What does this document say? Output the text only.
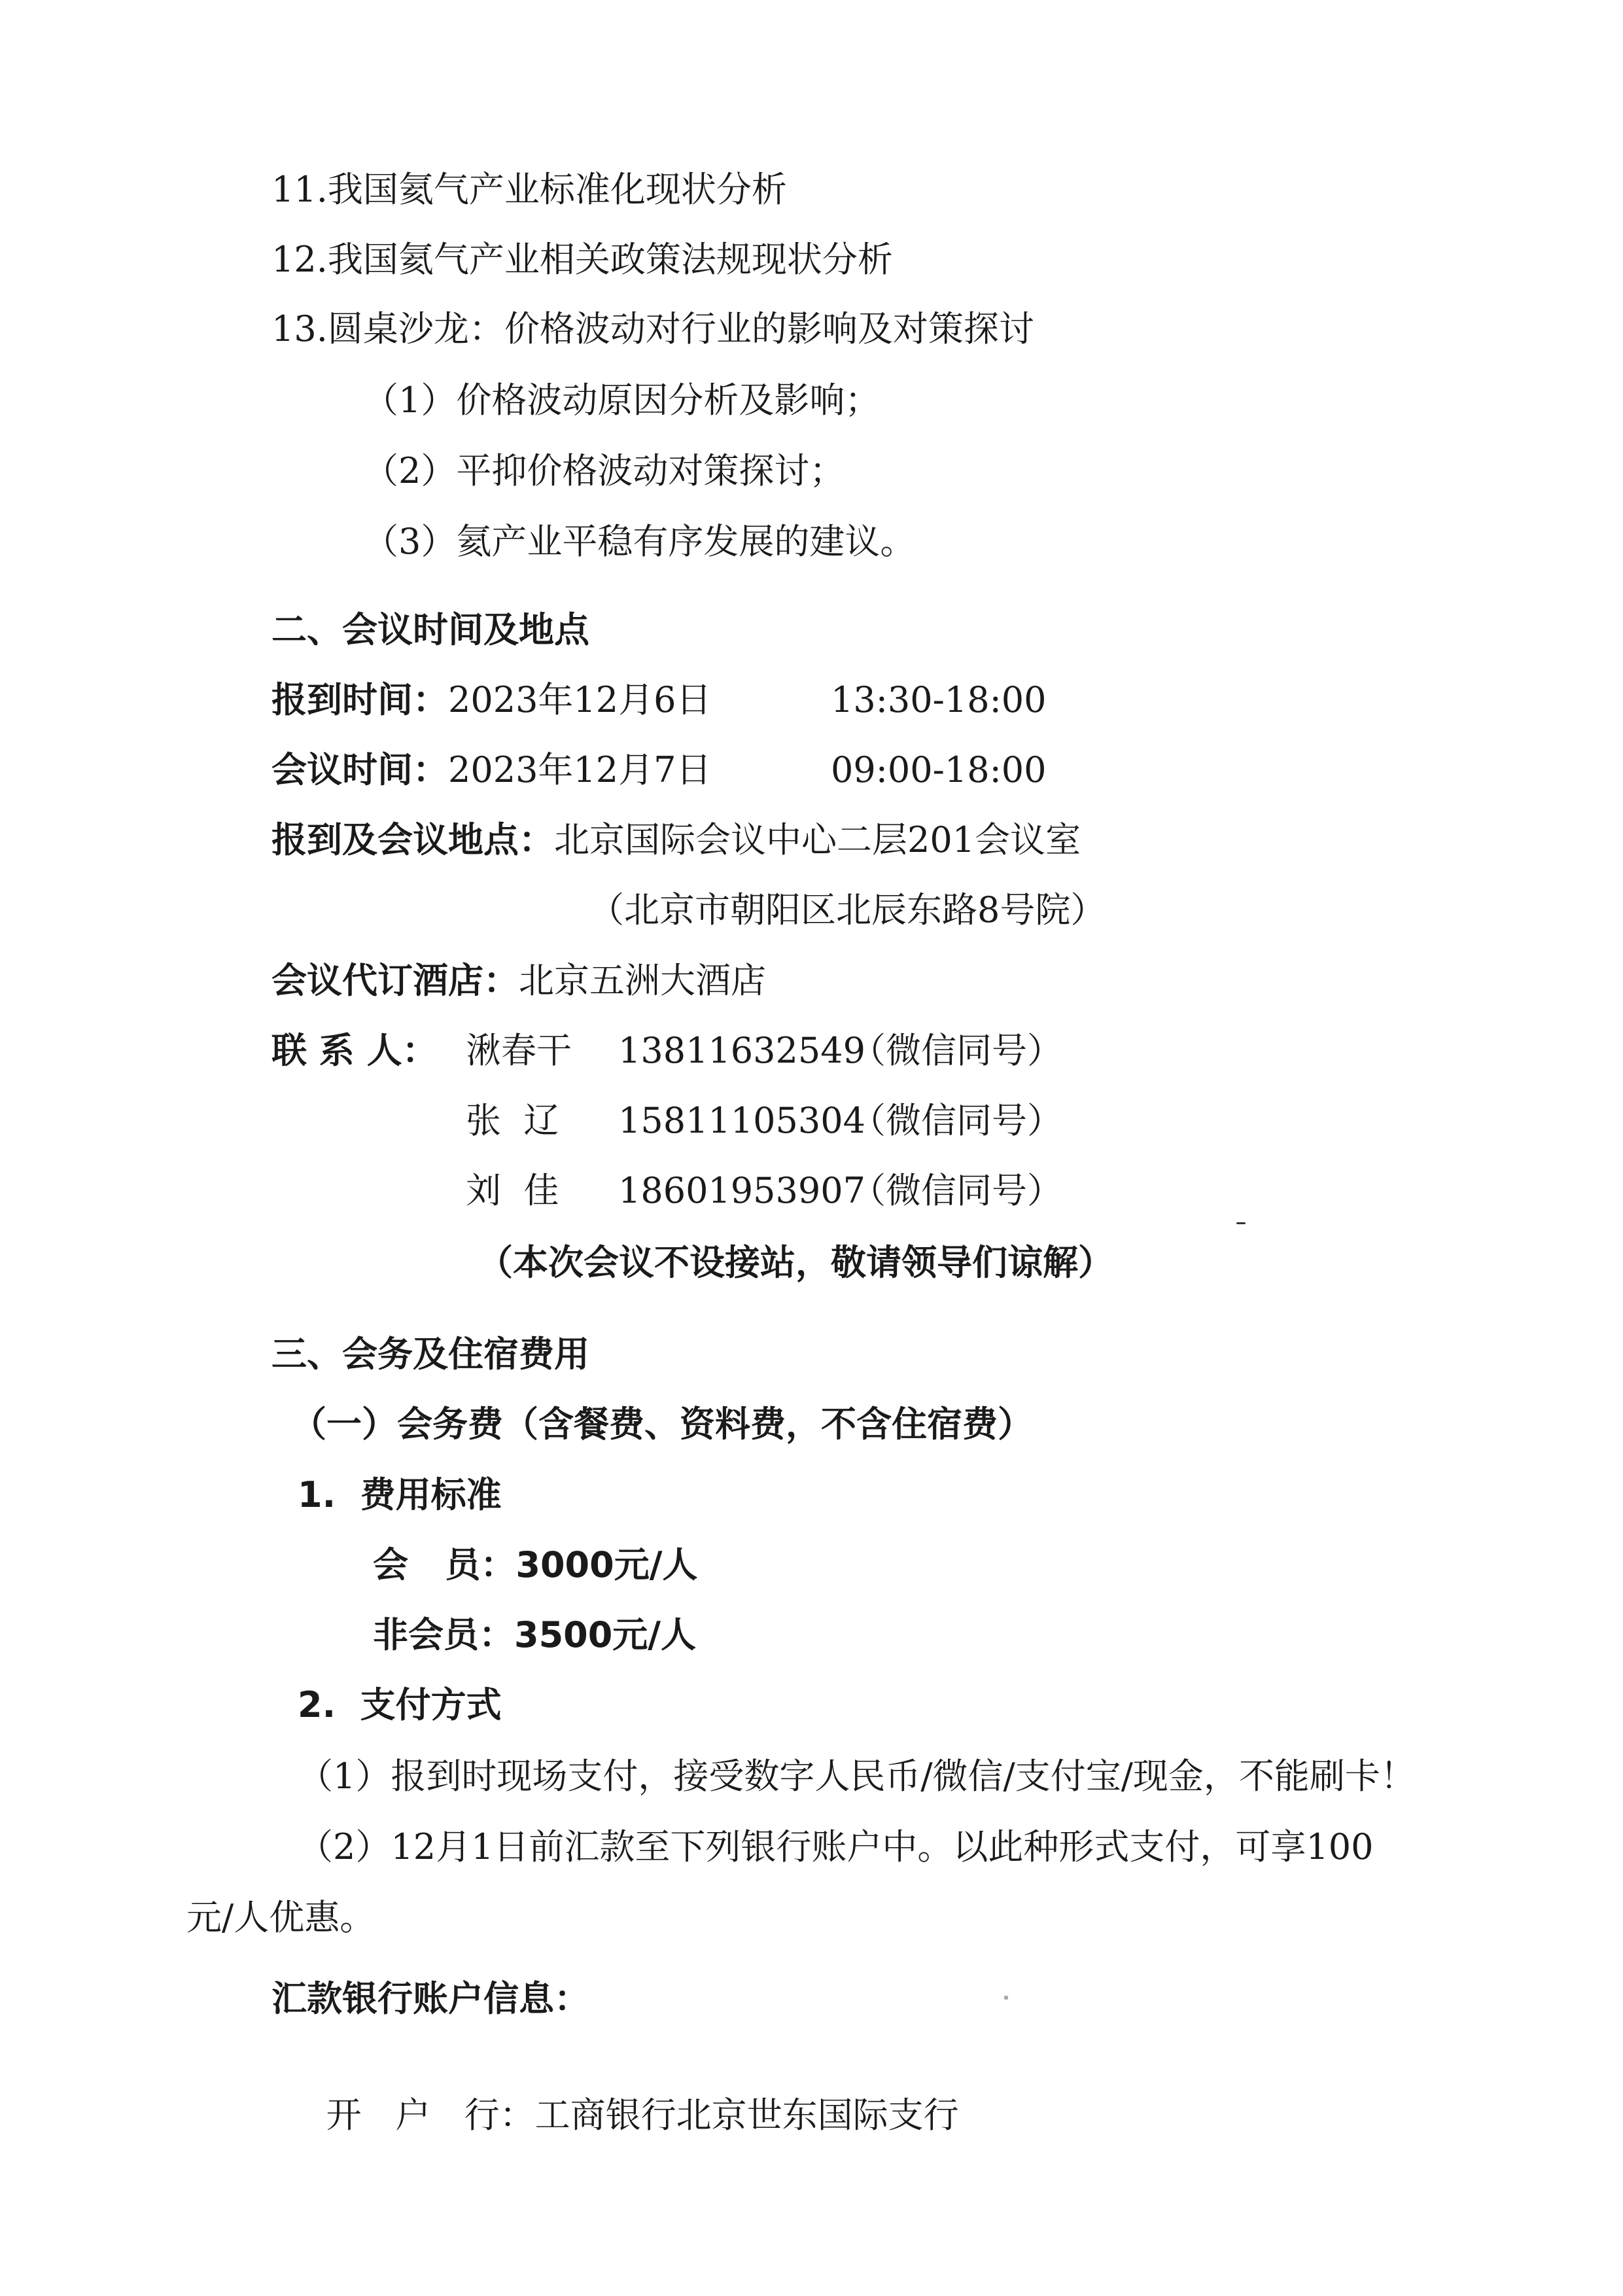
11.我国氦气产业标准化现状分析
12.我国氦气产业相关政策法规现状分析
13.圆桌沙龙：价格波动对行业的影响及对策探讨
（1）价格波动原因分析及影响；
（2）平抑价格波动对策探讨；
（3）氦产业平稳有序发展的建议。
二、会议时间及地点
报到时间：2023年12月6日	13:30-18:00
会议时间：2023年12月7日	09:00-18:00
报到及会议地点：北京国际会议中心二层201会议室
（北京市朝阳区北辰东路8号院）
会议代订酒店：北京五洲大酒店
联 系 人： 湫春干 13811632549
（微信同号）
张  辽 15811105304
（微信同号）
刘  佳 18601953907
（微信同号）
（本次会议不设接站，敬请领导们谅解）
三、会务及住宿费用
（一）会务费（含餐费、资料费，不含住宿费）
1.  费用标准
会   员：3000元/人
非会员：3500元/人
2.  支付方式
（1）报到时现场支付，接受数字人民币/微信/支付宝/现金，不能刷卡！
（2）12月1日前汇款至下列银行账户中。以此种形式支付，可享100
元/人优惠。
汇款银行账户信息：

开   户   行：工商银行北京世东国际支行
